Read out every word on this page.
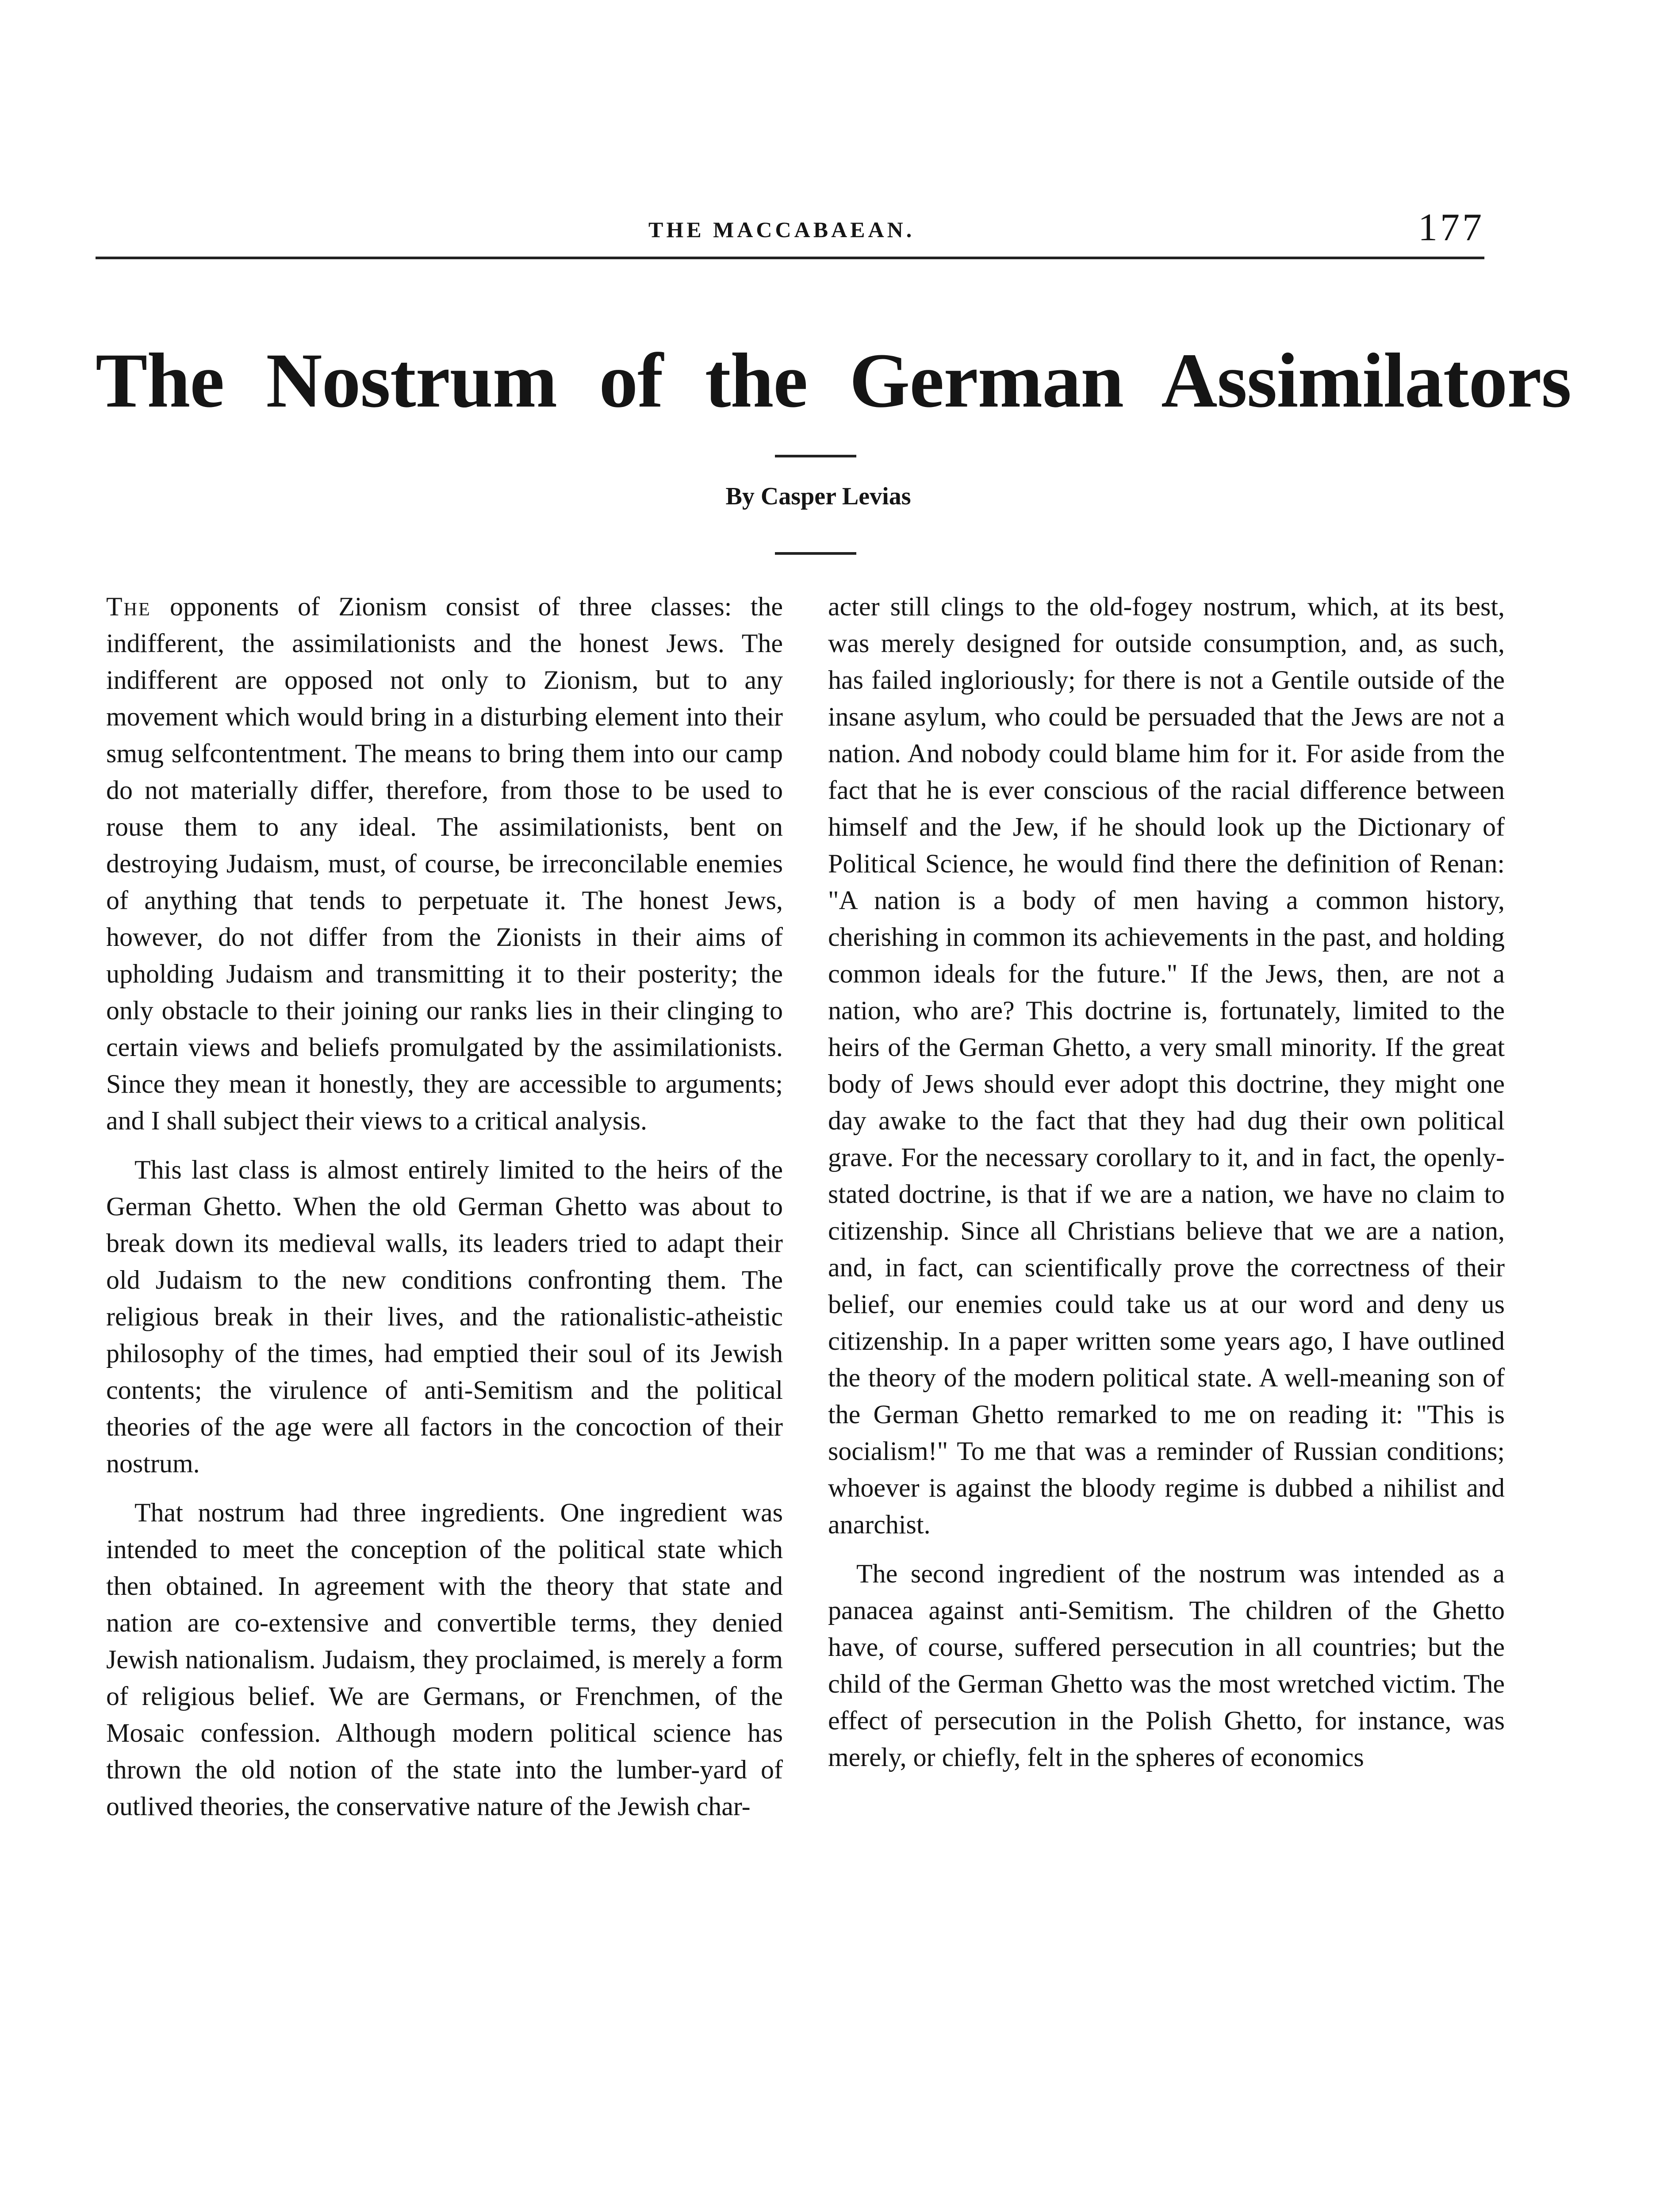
THE MACCABAEAN.	177
The Nostrum of the German Assimilators
By Casper Levias

The opponents of Zionism consist of three classes: the indifferent, the assimilationists and the honest Jews. The indifferent are opposed not only to Zionism, but to any movement which would bring in a disturbing element into their smug selfcontentment. The means to bring them into our camp do not materially differ, therefore, from those to be used to rouse them to any ideal. The assimilationists, bent on destroying Judaism, must, of course, be irreconcilable enemies of anything that tends to perpetuate it. The honest Jews, however, do not differ from the Zionists in their aims of upholding Judaism and transmitting it to their posterity; the only obstacle to their joining our ranks lies in their clinging to certain views and beliefs promulgated by the assimilationists. Since they mean it honestly, they are accessible to arguments; and I shall subject their views to a critical analysis.

This last class is almost entirely limited to the heirs of the German Ghetto. When the old German Ghetto was about to break down its medieval walls, its leaders tried to adapt their old Judaism to the new conditions confronting them. The religious break in their lives, and the rationalistic-atheistic philosophy of the times, had emptied their soul of its Jewish contents; the virulence of anti-Semitism and the political theories of the age were all factors in the concoction of their nostrum.

That nostrum had three ingredients. One ingredient was intended to meet the conception of the political state which then obtained. In agreement with the theory that state and nation are co-extensive and convertible terms, they denied Jewish nationalism. Judaism, they proclaimed, is merely a form of religious belief. We are Germans, or Frenchmen, of the Mosaic confession. Although modern political science has thrown the old notion of the state into the lumber-yard of outlived theories, the conservative nature of the Jewish char-

acter still clings to the old-fogey nostrum, which, at its best, was merely designed for outside consumption, and, as such, has failed ingloriously; for there is not a Gentile outside of the insane asylum, who could be persuaded that the Jews are not a nation. And nobody could blame him for it. For aside from the fact that he is ever conscious of the racial difference between himself and the Jew, if he should look up the Dictionary of Political Science, he would find there the definition of Renan: "A nation is a body of men having a common history, cherishing in common its achievements in the past, and holding common ideals for the future." If the Jews, then, are not a nation, who are? This doctrine is, fortunately, limited to the heirs of the German Ghetto, a very small minority. If the great body of Jews should ever adopt this doctrine, they might one day awake to the fact that they had dug their own political grave. For the necessary corollary to it, and in fact, the openly-stated doctrine, is that if we are a nation, we have no claim to citizenship. Since all Christians believe that we are a nation, and, in fact, can scientifically prove the correctness of their belief, our enemies could take us at our word and deny us citizenship. In a paper written some years ago, I have outlined the theory of the modern political state. A well-meaning son of the German Ghetto remarked to me on reading it: "This is socialism!" To me that was a reminder of Russian conditions; whoever is against the bloody regime is dubbed a nihilist and anarchist.

The second ingredient of the nostrum was intended as a panacea against anti-Semitism. The children of the Ghetto have, of course, suffered persecution in all countries; but the child of the German Ghetto was the most wretched victim. The effect of persecution in the Polish Ghetto, for instance, was merely, or chiefly, felt in the spheres of economics
